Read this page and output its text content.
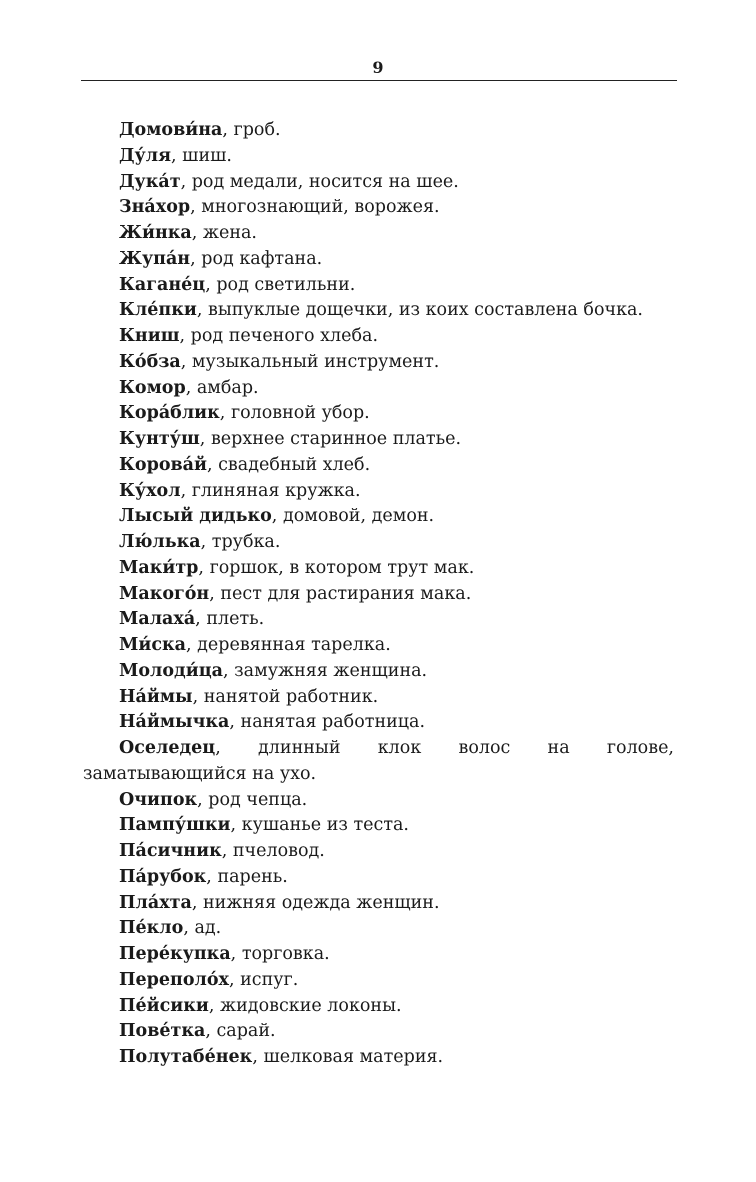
9
Домови́на, гроб.
Ду́ля, шиш.
Дука́т, род медали, носится на шее.
Зна́хор, многознающий, ворожея.
Жи́нка, жена.
Жупа́н, род кафтана.
Кагане́ц, род светильни.
Кле́пки, выпуклые дощечки, из коих составлена бочка.
Книш, род печеного хлеба.
Ко́бза, музыкальный инструмент.
Комор, амбар.
Кора́блик, головной убор.
Кунту́ш, верхнее старинное платье.
Корова́й, свадебный хлеб.
Ку́хол, глиняная кружка.
Лысый дидько, домовой, демон.
Лю́лька, трубка.
Маки́тр, горшок, в котором трут мак.
Макого́н, пест для растирания мака.
Малаха́, плеть.
Ми́ска, деревянная тарелка.
Молоди́ца, замужняя женщина.
На́ймы, нанятой работник.
На́ймычка, нанятая работница.
Оселедец, длинный клок волос на голове, заматывающийся на ухо.
Очипок, род чепца.
Пампу́шки, кушанье из теста.
Па́сичник, пчеловод.
Па́рубок, парень.
Пла́хта, нижняя одежда женщин.
Пе́кло, ад.
Пере́купка, торговка.
Переполо́х, испуг.
Пе́йсики, жидовские локоны.
Пове́тка, сарай.
Полутабе́нек, шелковая материя.
